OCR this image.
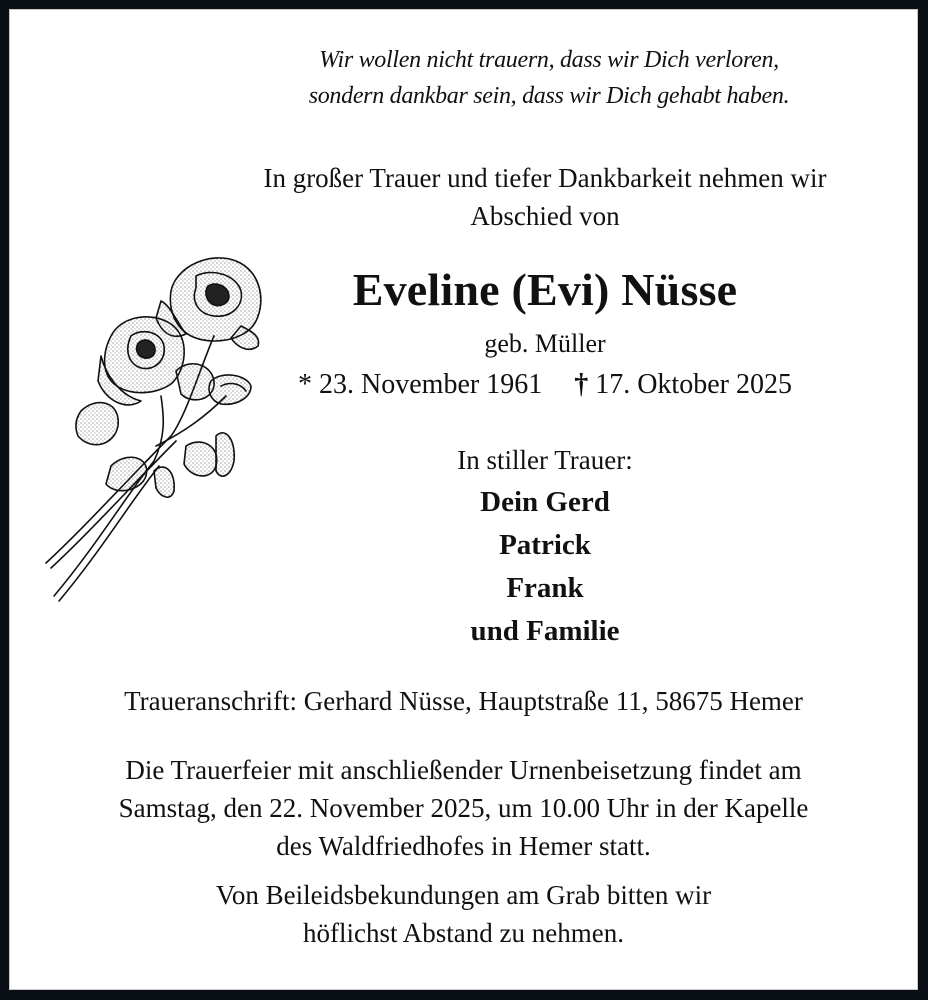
Wir wollen nicht trauern, dass wir Dich verloren,
sondern dankbar sein, dass wir Dich gehabt haben.
In großer Trauer und tiefer Dankbarkeit nehmen wir
Abschied von
Eveline (Evi) Nüsse
geb. Müller
* 23. November 1961 † 17. Oktober 2025
In stiller Trauer:
Dein Gerd
Patrick
Frank
und Familie
Traueranschrift: Gerhard Nüsse, Hauptstraße 11, 58675 Hemer
Die Trauerfeier mit anschließender Urnenbeisetzung findet am
Samstag, den 22. November 2025, um 10.00 Uhr in der Kapelle
des Waldfriedhofes in Hemer statt.
Von Beileidsbekundungen am Grab bitten wir
höflichst Abstand zu nehmen.
